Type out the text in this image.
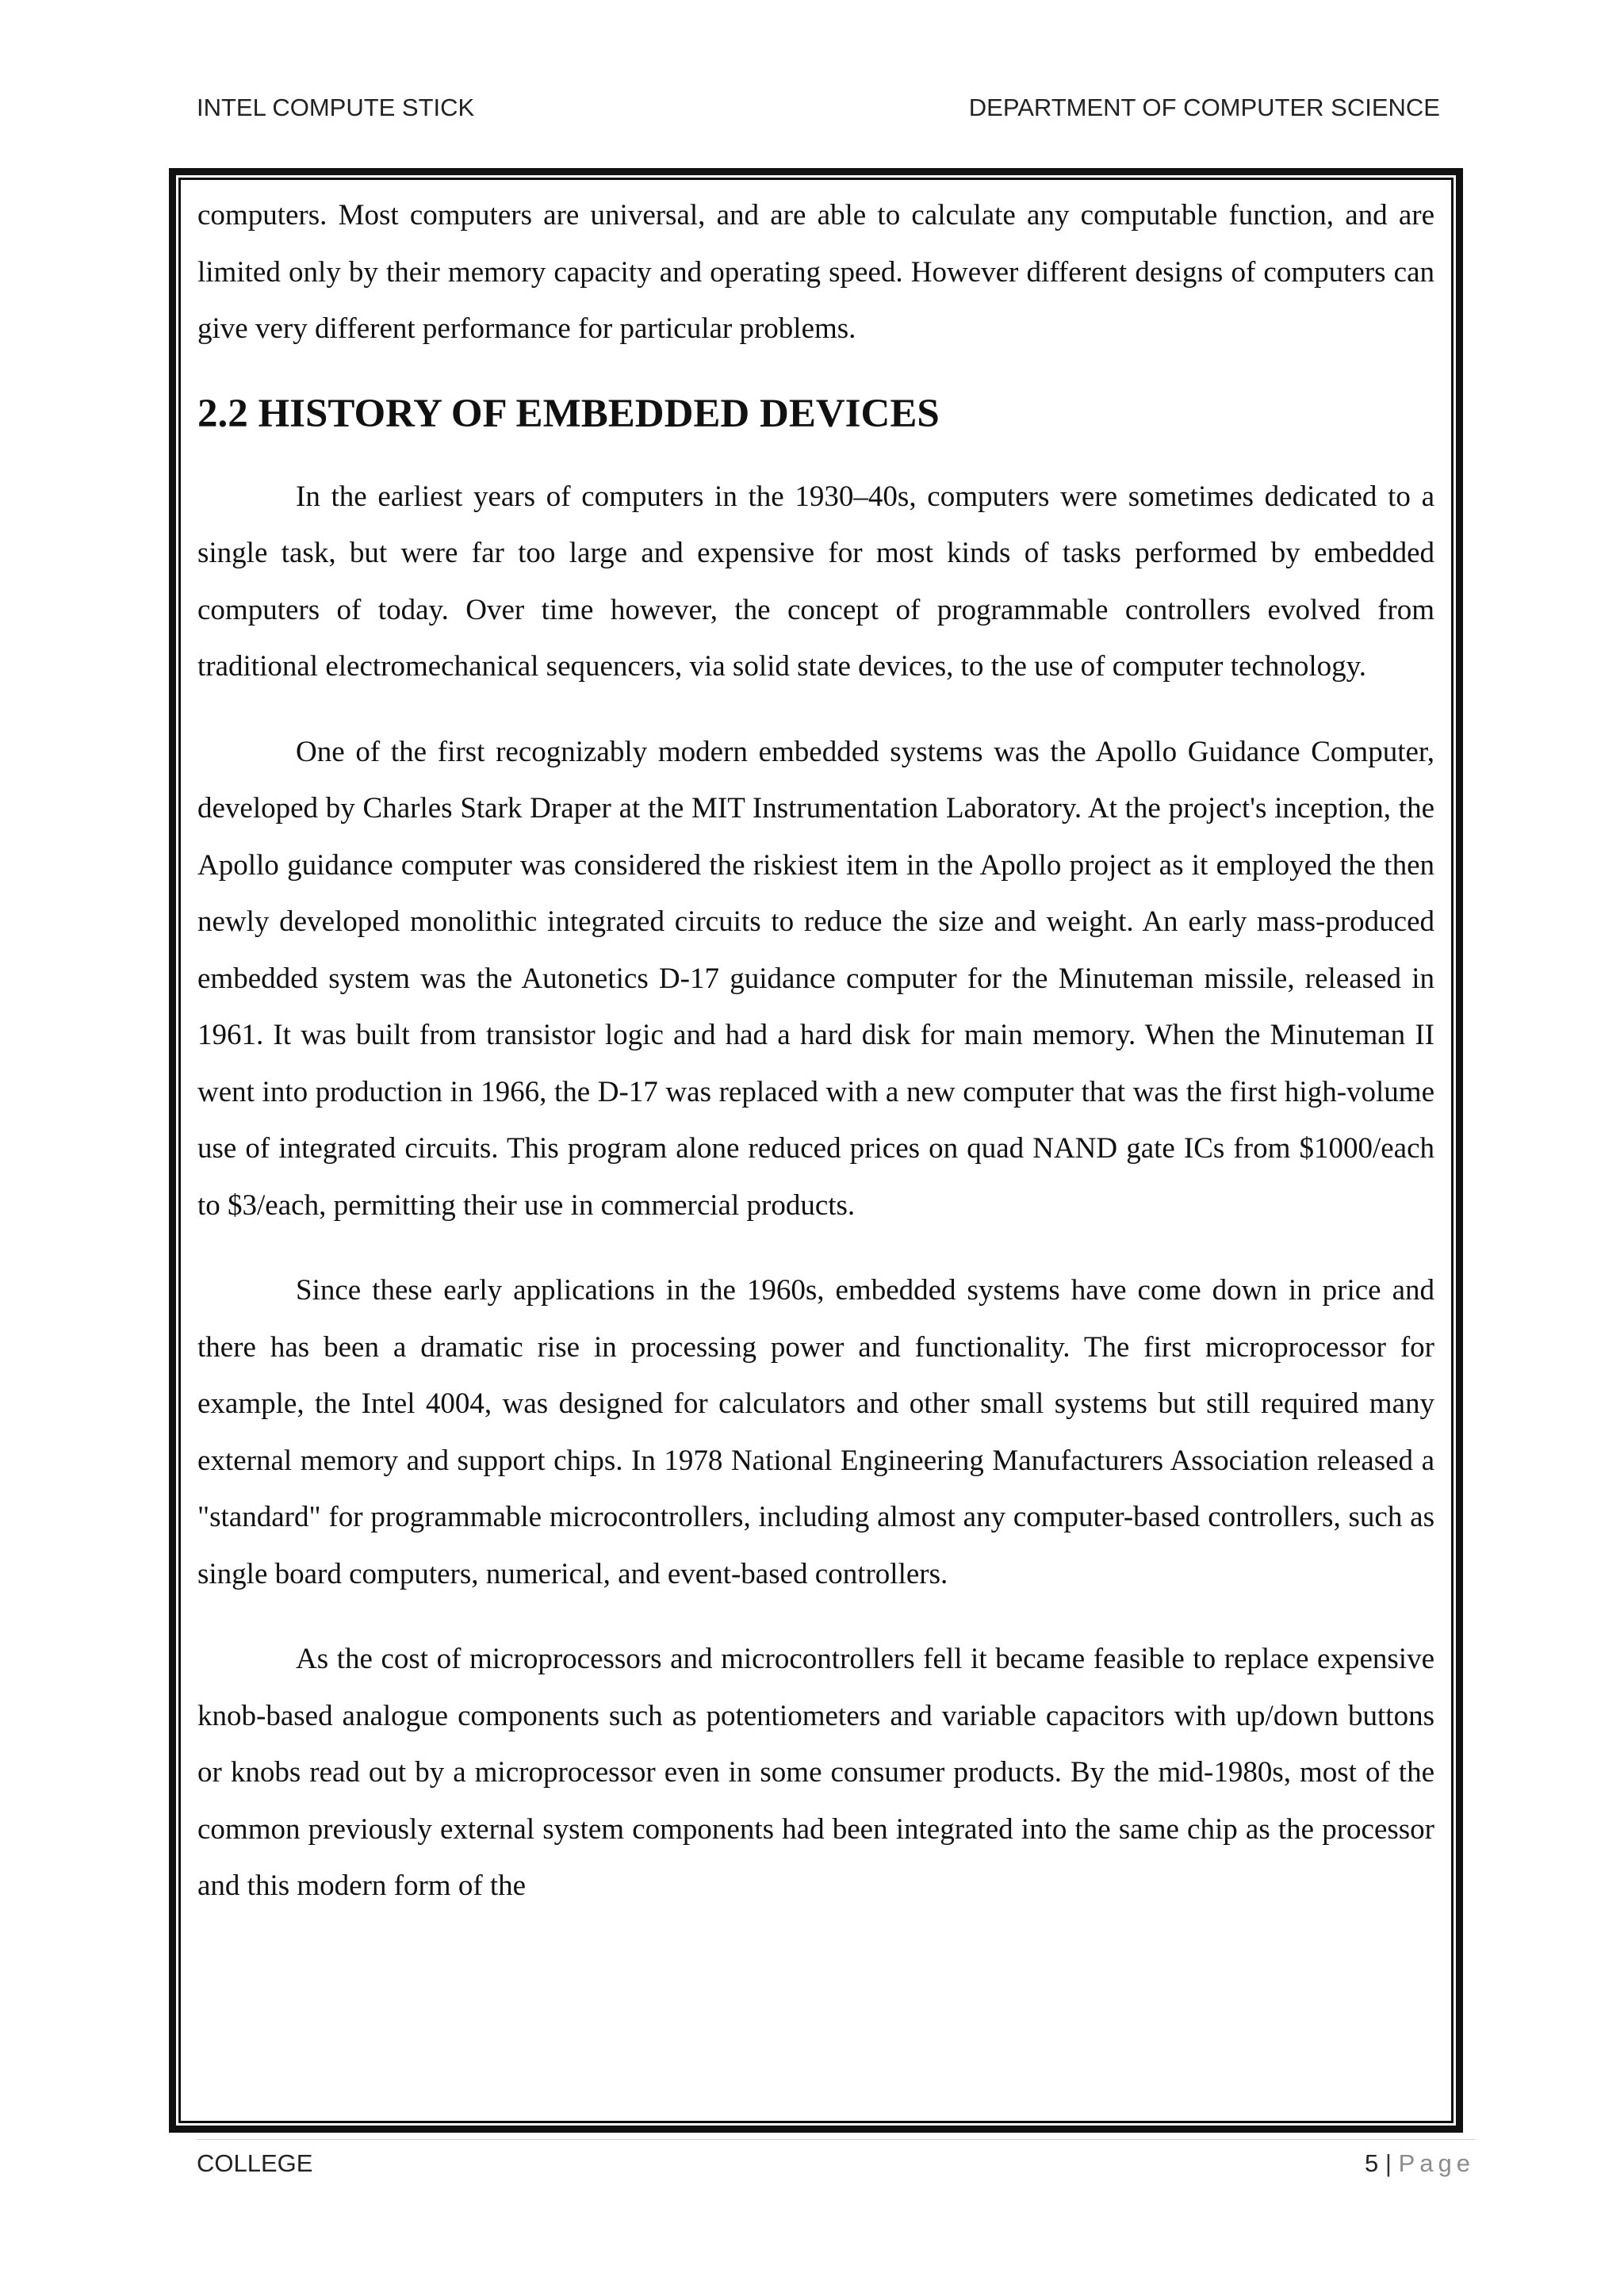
INTEL COMPUTE STICK	DEPARTMENT OF COMPUTER SCIENCE

computers. Most computers are universal, and are able to calculate any computable function, and are limited only by their memory capacity and operating speed. However different designs of computers can give very different performance for particular problems.

2.2 HISTORY OF EMBEDDED DEVICES

In the earliest years of computers in the 1930–40s, computers were sometimes dedicated to a single task, but were far too large and expensive for most kinds of tasks performed by embedded computers of today. Over time however, the concept of programmable controllers evolved from traditional electromechanical sequencers, via solid state devices, to the use of computer technology.

One of the first recognizably modern embedded systems was the Apollo Guidance Computer, developed by Charles Stark Draper at the MIT Instrumentation Laboratory. At the project's inception, the Apollo guidance computer was considered the riskiest item in the Apollo project as it employed the then newly developed monolithic integrated circuits to reduce the size and weight. An early mass-produced embedded system was the Autonetics D-17 guidance computer for the Minuteman missile, released in 1961. It was built from transistor logic and had a hard disk for main memory. When the Minuteman II went into production in 1966, the D-17 was replaced with a new computer that was the first high-volume use of integrated circuits. This program alone reduced prices on quad NAND gate ICs from $1000/each to $3/each, permitting their use in commercial products.

Since these early applications in the 1960s, embedded systems have come down in price and there has been a dramatic rise in processing power and functionality. The first microprocessor for example, the Intel 4004, was designed for calculators and other small systems but still required many external memory and support chips. In 1978 National Engineering Manufacturers Association released a "standard" for programmable microcontrollers, including almost any computer-based controllers, such as single board computers, numerical, and event-based controllers.

As the cost of microprocessors and microcontrollers fell it became feasible to replace expensive knob-based analogue components such as potentiometers and variable capacitors with up/down buttons or knobs read out by a microprocessor even in some consumer products. By the mid-1980s, most of the common previously external system components had been integrated into the same chip as the processor and this modern form of the

COLLEGE	5 | Page
